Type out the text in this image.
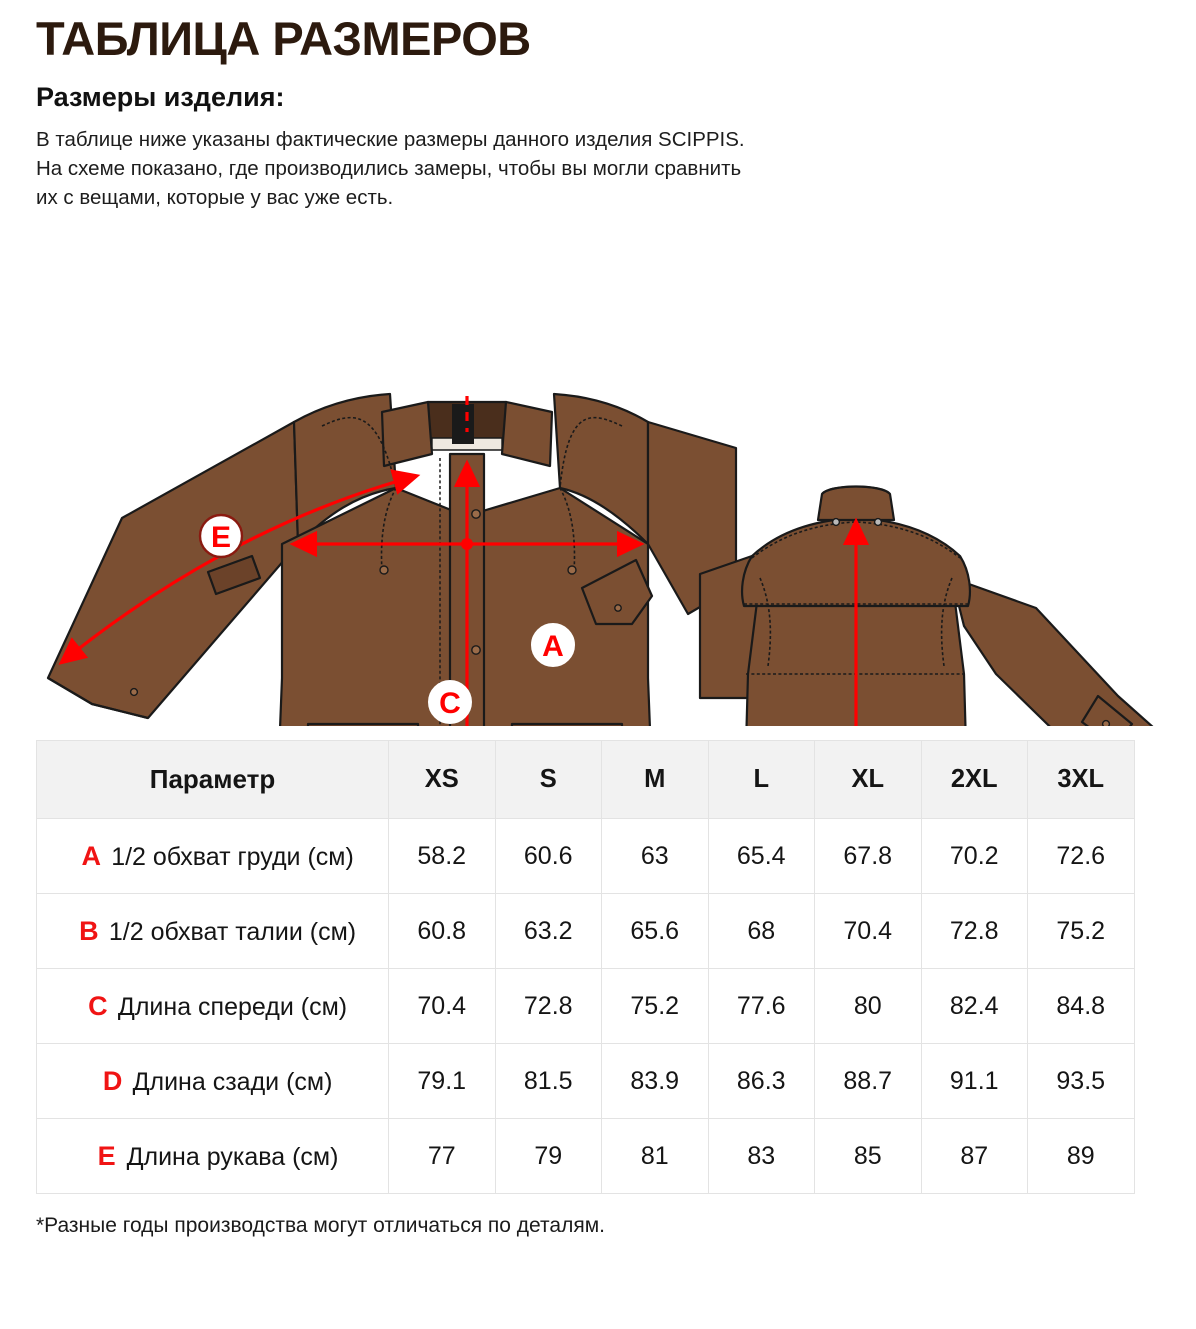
ТАБЛИЦА РАЗМЕРОВ
Размеры изделия:

В таблице ниже указаны фактические размеры данного изделия SCIPPIS.
На схеме показано, где производились замеры, чтобы вы могли сравнить
их с вещами, которые у вас уже есть.

E
A
C
Параметр	XS	S	M	L	XL	2XL	3XL
A 1/2 обхват груди (см)	58.2	60.6	63	65.4	67.8	70.2	72.6
B 1/2 обхват талии (см)	60.8	63.2	65.6	68	70.4	72.8	75.2
C Длина спереди (см)	70.4	72.8	75.2	77.6	80	82.4	84.8
D Длина сзади (см)	79.1	81.5	83.9	86.3	88.7	91.1	93.5
E Длина рукава (см)	77	79	81	83	85	87	89
*Разные годы производства могут отличаться по деталям.
